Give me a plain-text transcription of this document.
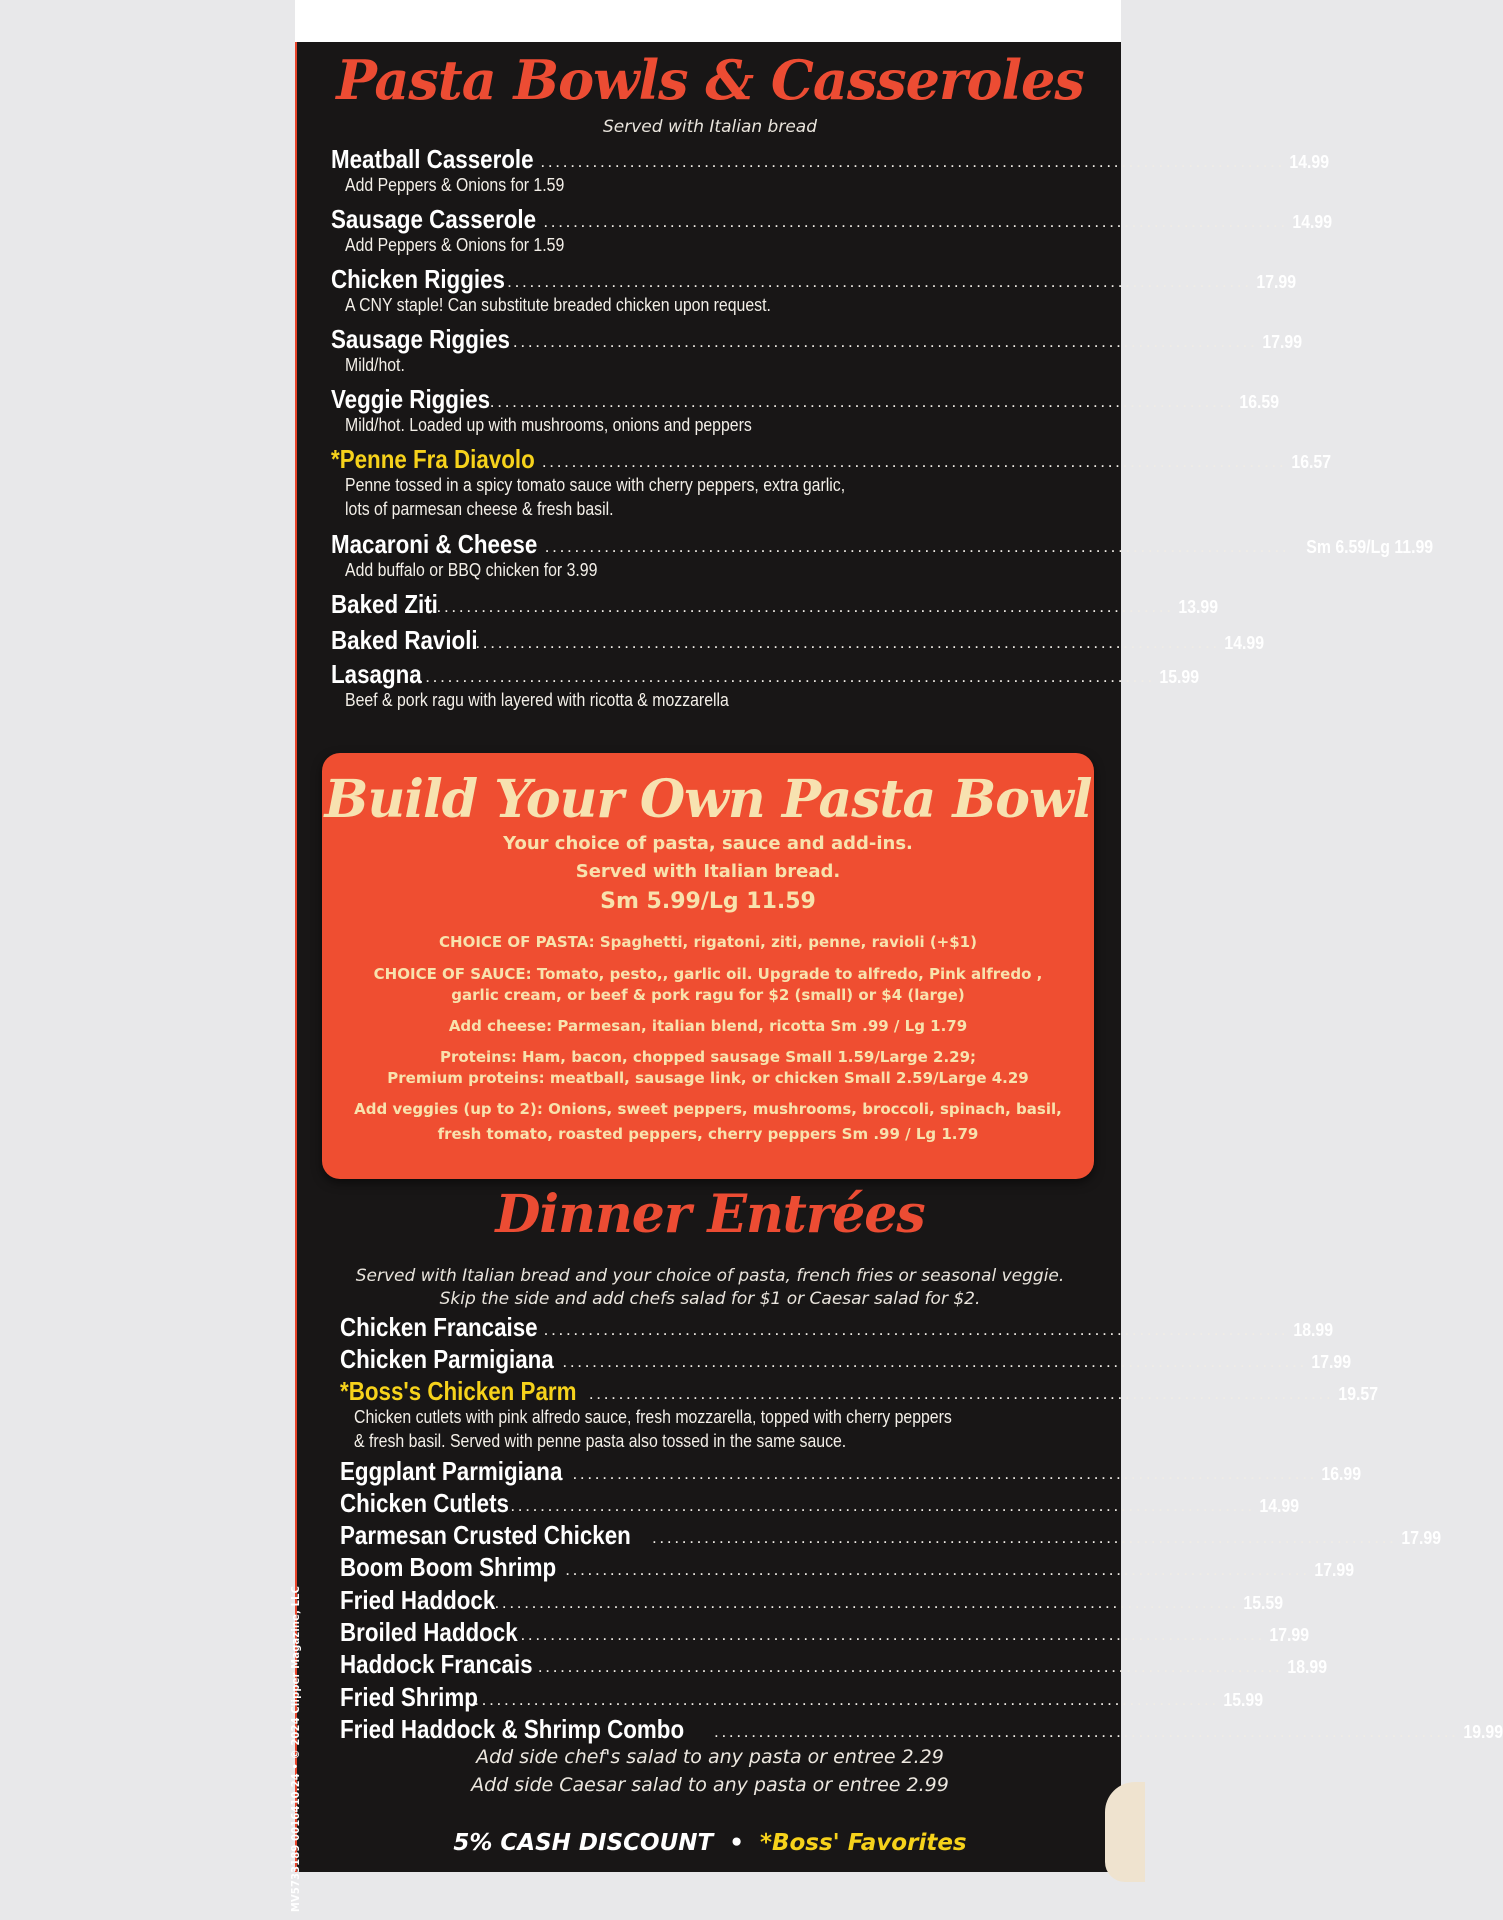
Pasta Bowls & Casseroles
Served with Italian bread
Meatball Casserole . . .	14.99
Add Peppers & Onions for 1.59
Sausage Casserole . . .	14.99
Add Peppers & Onions for 1.59
Chicken Riggies . . .	17.99
A CNY staple! Can substitute breaded chicken upon request.
Sausage Riggies . . .	17.99
Mild/hot.
Veggie Riggies . . .	16.59
Mild/hot. Loaded up with mushrooms, onions and peppers
*Penne Fra Diavolo . . .	16.57
Penne tossed in a spicy tomato sauce with cherry peppers, extra garlic,
lots of parmesan cheese & fresh basil.
Macaroni & Cheese . . .	Sm 6.59/Lg 11.99
Add buffalo or BBQ chicken for 3.99
Baked Ziti . . .	13.99
Baked Ravioli . . .	14.99
Lasagna . . .	15.99
Beef & pork ragu with layered with ricotta & mozzarella
Build Your Own Pasta Bowl
Your choice of pasta, sauce and add-ins.
Served with Italian bread.
Sm 5.99/Lg 11.59
CHOICE OF PASTA: Spaghetti, rigatoni, ziti, penne, ravioli (+$1)
CHOICE OF SAUCE: Tomato, pesto,, garlic oil. Upgrade to alfredo, Pink alfredo ,
garlic cream, or beef & pork ragu for $2 (small) or $4 (large)
Add cheese: Parmesan, italian blend, ricotta Sm .99 / Lg 1.79
Proteins: Ham, bacon, chopped sausage Small 1.59/Large 2.29;
Premium proteins: meatball, sausage link, or chicken Small 2.59/Large 4.29
Add veggies (up to 2): Onions, sweet peppers, mushrooms, broccoli, spinach, basil,
fresh tomato, roasted peppers, cherry peppers Sm .99 / Lg 1.79
Dinner Entrées
Served with Italian bread and your choice of pasta, french fries or seasonal veggie.
Skip the side and add chefs salad for $1 or Caesar salad for $2.
Chicken Francaise . . .	18.99
Chicken Parmigiana . . .	17.99
*Boss's Chicken Parm . . .	19.57
Chicken cutlets with pink alfredo sauce, fresh mozzarella, topped with cherry peppers
& fresh basil. Served with penne pasta also tossed in the same sauce.
Eggplant Parmigiana . . .	16.99
Chicken Cutlets . . .	14.99
Parmesan Crusted Chicken . . .	17.99
Boom Boom Shrimp . . .	17.99
Fried Haddock . . .	15.59
Broiled Haddock . . .	17.99
Haddock Francais . . .	18.99
Fried Shrimp . . .	15.99
Fried Haddock & Shrimp Combo . . .	19.99
Add side chef's salad to any pasta or entree 2.29
Add side Caesar salad to any pasta or entree 2.99
5% CASH DISCOUNT • *Boss' Favorites
MV5733189 0016410.24 • © 2024 Clipper Magazine, LLC
